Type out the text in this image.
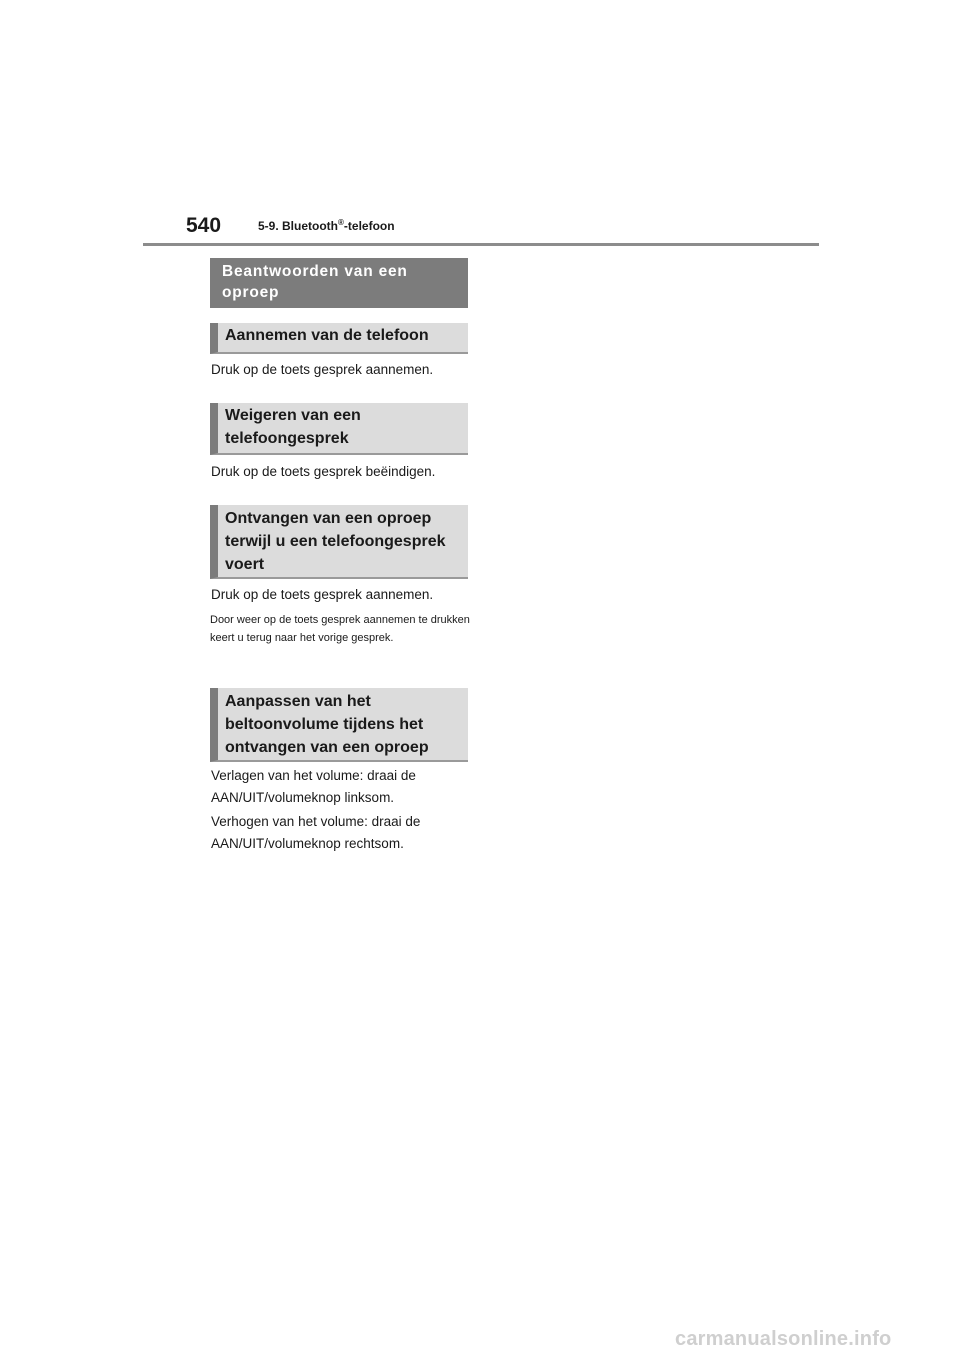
540	5-9. Bluetooth®-telefoon
Beantwoorden van een oproep
Aannemen van de telefoon
Druk op de toets gesprek aannemen.
Weigeren van een telefoongesprek
Druk op de toets gesprek beëindigen.
Ontvangen van een oproep terwijl u een telefoongesprek voert
Druk op de toets gesprek aannemen.
Door weer op de toets gesprek aannemen te drukken keert u terug naar het vorige gesprek.
Aanpassen van het beltoonvolume tijdens het ontvangen van een oproep
Verlagen van het volume: draai de AAN/UIT/volumeknop linksom.
Verhogen van het volume: draai de AAN/UIT/volumeknop rechtsom.
carmanualsonline.info
